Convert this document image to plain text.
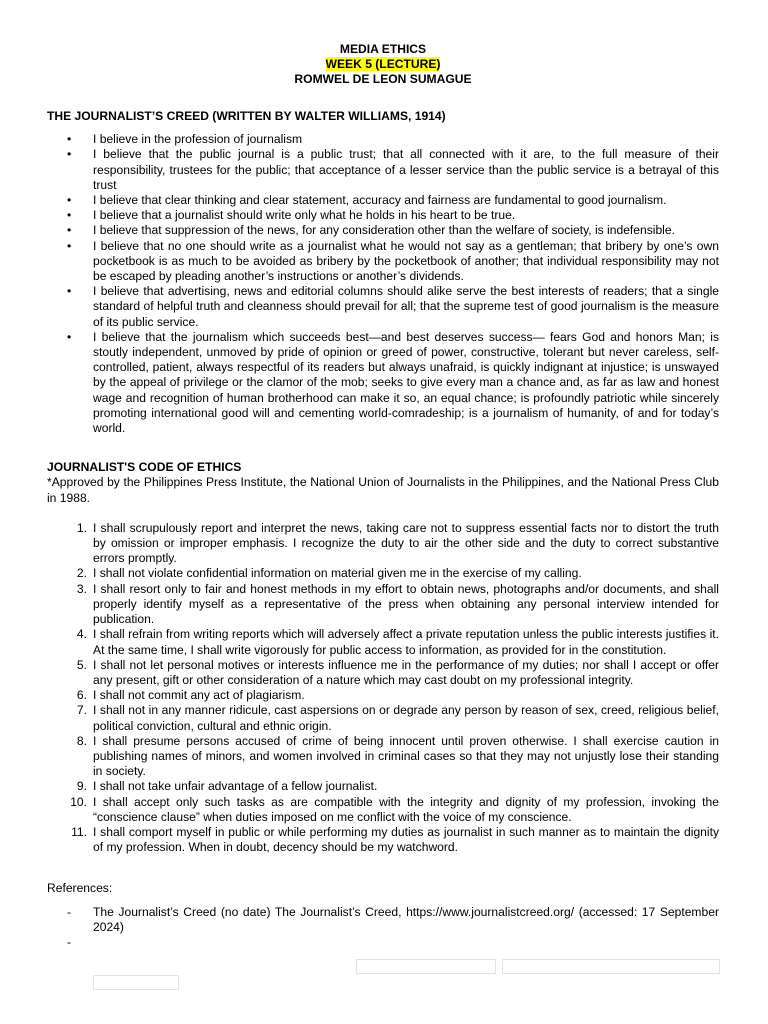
MEDIA ETHICS
WEEK 5 (LECTURE)
ROMWEL DE LEON SUMAGUE
THE JOURNALIST’S CREED (WRITTEN BY WALTER WILLIAMS, 1914)
• I believe in the profession of journalism
• I believe that the public journal is a public trust; that all connected with it are, to the full measure of their responsibility, trustees for the public; that acceptance of a lesser service than the public service is a betrayal of this trust
• I believe that clear thinking and clear statement, accuracy and fairness are fundamental to good journalism.
• I believe that a journalist should write only what he holds in his heart to be true.
• I believe that suppression of the news, for any consideration other than the welfare of society, is indefensible.
• I believe that no one should write as a journalist what he would not say as a gentleman; that bribery by one’s own pocketbook is as much to be avoided as bribery by the pocketbook of another; that individual responsibility may not be escaped by pleading another’s instructions or another’s dividends.
• I believe that advertising, news and editorial columns should alike serve the best interests of readers; that a single standard of helpful truth and cleanness should prevail for all; that the supreme test of good journalism is the measure of its public service.
• I believe that the journalism which succeeds best—and best deserves success— fears God and honors Man; is stoutly independent, unmoved by pride of opinion or greed of power, constructive, tolerant but never careless, self-controlled, patient, always respectful of its readers but always unafraid, is quickly indignant at injustice; is unswayed by the appeal of privilege or the clamor of the mob; seeks to give every man a chance and, as far as law and honest wage and recognition of human brotherhood can make it so, an equal chance; is profoundly patriotic while sincerely promoting international good will and cementing world-comradeship; is a journalism of humanity, of and for today’s world.
JOURNALIST'S CODE OF ETHICS
*Approved by the Philippines Press Institute, the National Union of Journalists in the Philippines, and the National Press Club in 1988.
1. I shall scrupulously report and interpret the news, taking care not to suppress essential facts nor to distort the truth by omission or improper emphasis. I recognize the duty to air the other side and the duty to correct substantive errors promptly.
2. I shall not violate confidential information on material given me in the exercise of my calling.
3. I shall resort only to fair and honest methods in my effort to obtain news, photographs and/or documents, and shall properly identify myself as a representative of the press when obtaining any personal interview intended for publication.
4. I shall refrain from writing reports which will adversely affect a private reputation unless the public interests justifies it. At the same time, I shall write vigorously for public access to information, as provided for in the constitution.
5. I shall not let personal motives or interests influence me in the performance of my duties; nor shall I accept or offer any present, gift or other consideration of a nature which may cast doubt on my professional integrity.
6. I shall not commit any act of plagiarism.
7. I shall not in any manner ridicule, cast aspersions on or degrade any person by reason of sex, creed, religious belief, political conviction, cultural and ethnic origin.
8. I shall presume persons accused of crime of being innocent until proven otherwise. I shall exercise caution in publishing names of minors, and women involved in criminal cases so that they may not unjustly lose their standing in society.
9. I shall not take unfair advantage of a fellow journalist.
10. I shall accept only such tasks as are compatible with the integrity and dignity of my profession, invoking the “conscience clause” when duties imposed on me conflict with the voice of my conscience.
11. I shall comport myself in public or while performing my duties as journalist in such manner as to maintain the dignity of my profession. When in doubt, decency should be my watchword.
References:
- The Journalist’s Creed (no date) The Journalist’s Creed, https://www.journalistcreed.org/ (accessed: 17 September 2024)
-
